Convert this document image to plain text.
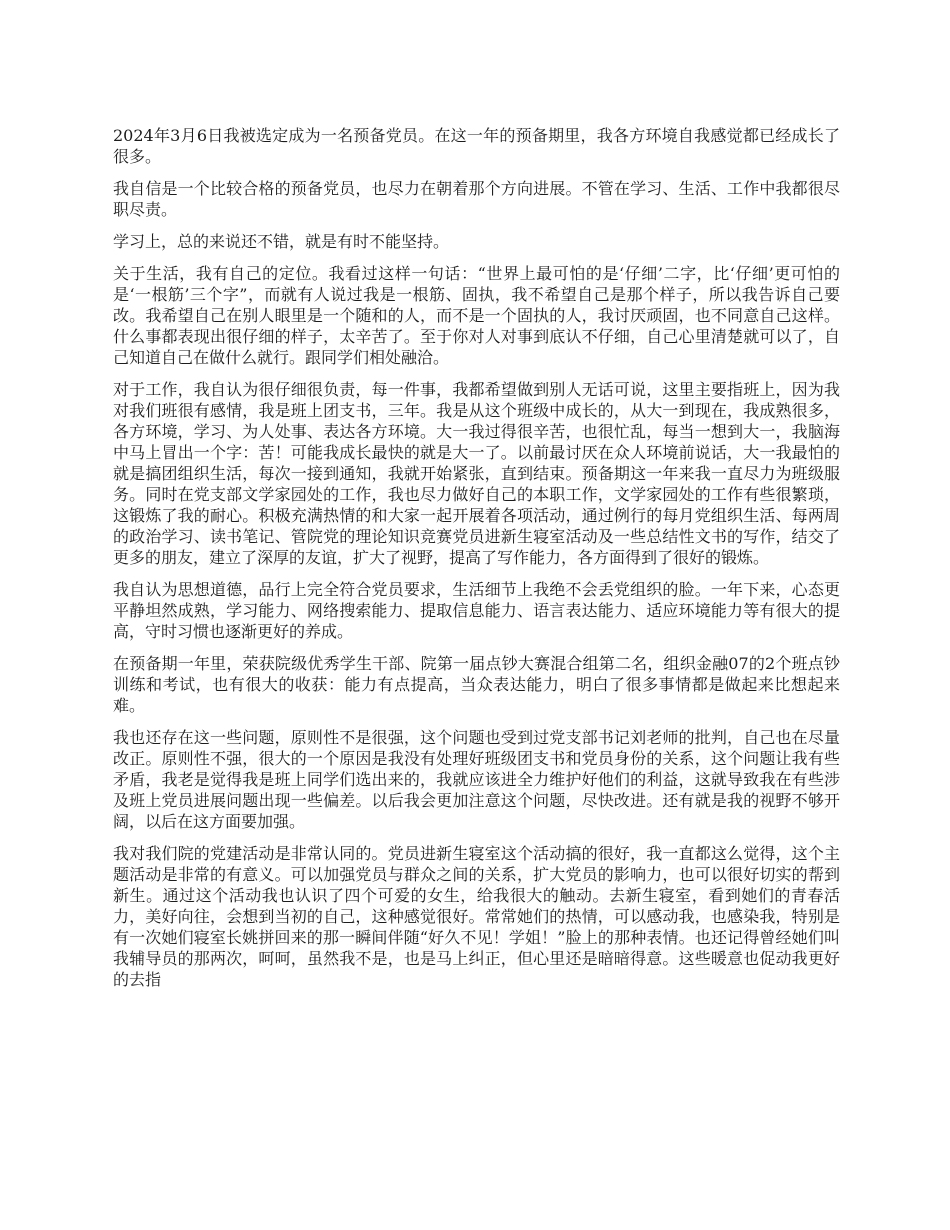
2024年3月6日我被选定成为一名预备党员。在这一年的预备期里，我各方环境自我感觉都已经成长了很多。

我自信是一个比较合格的预备党员，也尽力在朝着那个方向进展。不管在学习、生活、工作中我都很尽职尽责。

学习上，总的来说还不错，就是有时不能坚持。

关于生活，我有自己的定位。我看过这样一句话：“世界上最可怕的是‘仔细’二字，比‘仔细’更可怕的是‘一根筋’三个字”，而就有人说过我是一根筋、固执，我不希望自己是那个样子，所以我告诉自己要改。我希望自己在别人眼里是一个随和的人，而不是一个固执的人，我讨厌顽固，也不同意自己这样。什么事都表现出很仔细的样子，太辛苦了。至于你对人对事到底认不仔细，自己心里清楚就可以了，自己知道自己在做什么就行。跟同学们相处融洽。

对于工作，我自认为很仔细很负责，每一件事，我都希望做到别人无话可说，这里主要指班上，因为我对我们班很有感情，我是班上团支书，三年。我是从这个班级中成长的，从大一到现在，我成熟很多，各方环境，学习、为人处事、表达各方环境。大一我过得很辛苦，也很忙乱，每当一想到大一，我脑海中马上冒出一个字：苦！可能我成长最快的就是大一了。以前最讨厌在众人环境前说话，大一我最怕的就是搞团组织生活，每次一接到通知，我就开始紧张，直到结束。预备期这一年来我一直尽力为班级服务。同时在党支部文学家园处的工作，我也尽力做好自己的本职工作，文学家园处的工作有些很繁琐，这锻炼了我的耐心。积极充满热情的和大家一起开展着各项活动，通过例行的每月党组织生活、每两周的政治学习、读书笔记、管院党的理论知识竞赛党员进新生寝室活动及一些总结性文书的写作，结交了更多的朋友，建立了深厚的友谊，扩大了视野，提高了写作能力，各方面得到了很好的锻炼。

我自认为思想道德，品行上完全符合党员要求，生活细节上我绝不会丢党组织的脸。一年下来，心态更平静坦然成熟，学习能力、网络搜索能力、提取信息能力、语言表达能力、适应环境能力等有很大的提高，守时习惯也逐渐更好的养成。

在预备期一年里，荣获院级优秀学生干部、院第一届点钞大赛混合组第二名，组织金融07的2个班点钞训练和考试，也有很大的收获：能力有点提高，当众表达能力，明白了很多事情都是做起来比想起来难。

我也还存在这一些问题，原则性不是很强，这个问题也受到过党支部书记刘老师的批判，自己也在尽量改正。原则性不强，很大的一个原因是我没有处理好班级团支书和党员身份的关系，这个问题让我有些矛盾，我老是觉得我是班上同学们选出来的，我就应该进全力维护好他们的利益，这就导致我在有些涉及班上党员进展问题出现一些偏差。以后我会更加注意这个问题，尽快改进。还有就是我的视野不够开阔，以后在这方面要加强。

我对我们院的党建活动是非常认同的。党员进新生寝室这个活动搞的很好，我一直都这么觉得，这个主题活动是非常的有意义。可以加强党员与群众之间的关系，扩大党员的影响力，也可以很好切实的帮到新生。通过这个活动我也认识了四个可爱的女生，给我很大的触动。去新生寝室，看到她们的青春活力，美好向往，会想到当初的自己，这种感觉很好。常常她们的热情，可以感动我，也感染我，特别是有一次她们寝室长姚拼回来的那一瞬间伴随“好久不见！学姐！”脸上的那种表情。也还记得曾经她们叫我辅导员的那两次，呵呵，虽然我不是，也是马上纠正，但心里还是暗暗得意。这些暖意也促动我更好的去指
